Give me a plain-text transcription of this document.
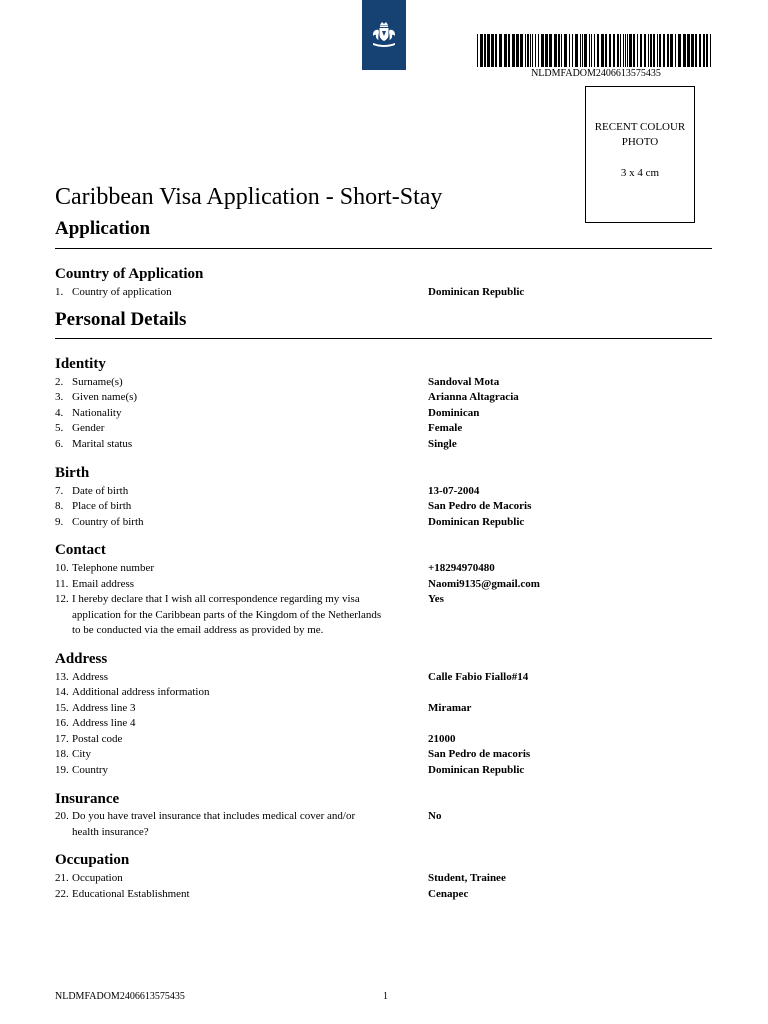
NLDMFADOM2406613575435
RECENT COLOUR
PHOTO
3 x 4 cm
Caribbean Visa Application - Short-Stay
Application
Country of Application
1. Country of application	Dominican Republic
Personal Details
Identity
2. Surname(s)	Sandoval Mota
3. Given name(s)	Arianna Altagracia
4. Nationality	Dominican
5. Gender	Female
6. Marital status	Single
Birth
7. Date of birth	13-07-2004
8. Place of birth	San Pedro de Macoris
9. Country of birth	Dominican Republic
Contact
10. Telephone number	+18294970480
11. Email address	Naomi9135@gmail.com
12. I hereby declare that I wish all correspondence regarding my visa
application for the Caribbean parts of the Kingdom of the Netherlands
to be conducted via the email address as provided by me.
Yes
Address
13. Address	Calle Fabio Fiallo#14
14. Additional address information
15. Address line 3	Miramar
16. Address line 4
17. Postal code	21000
18. City	San Pedro de macoris
19. Country	Dominican Republic
Insurance
20. Do you have travel insurance that includes medical cover and/or
health insurance?
No
Occupation
21. Occupation	Student, Trainee
22. Educational Establishment	Cenapec
NLDMFADOM2406613575435	1
